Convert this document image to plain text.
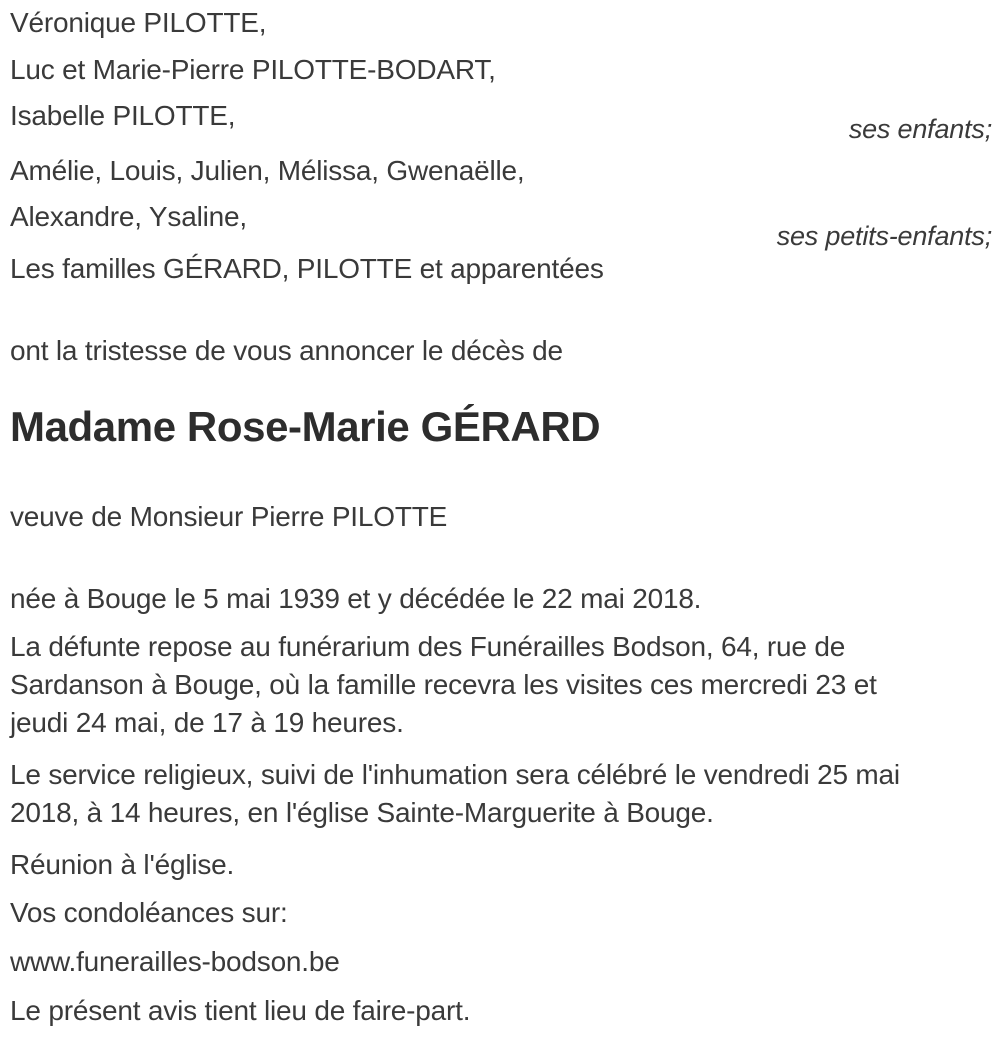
Véronique PILOTTE,
Luc et Marie-Pierre PILOTTE-BODART,
Isabelle PILOTTE,	ses enfants;
Amélie, Louis, Julien, Mélissa, Gwenaëlle,
Alexandre, Ysaline,
ses petits-enfants;
Les familles GÉRARD, PILOTTE et apparentées
ont la tristesse de vous annoncer le décès de
Madame Rose-Marie GÉRARD
veuve de Monsieur Pierre PILOTTE
née à Bouge le 5 mai 1939 et y décédée le 22 mai 2018.
La défunte repose au funérarium des Funérailles Bodson, 64, rue de
Sardanson à Bouge, où la famille recevra les visites ces mercredi 23 et
jeudi 24 mai, de 17 à 19 heures.
Le service religieux, suivi de l'inhumation sera célébré le vendredi 25 mai
2018, à 14 heures, en l'église Sainte-Marguerite à Bouge.
Réunion à l'église.
Vos condoléances sur:
www.funerailles-bodson.be
Le présent avis tient lieu de faire-part.
